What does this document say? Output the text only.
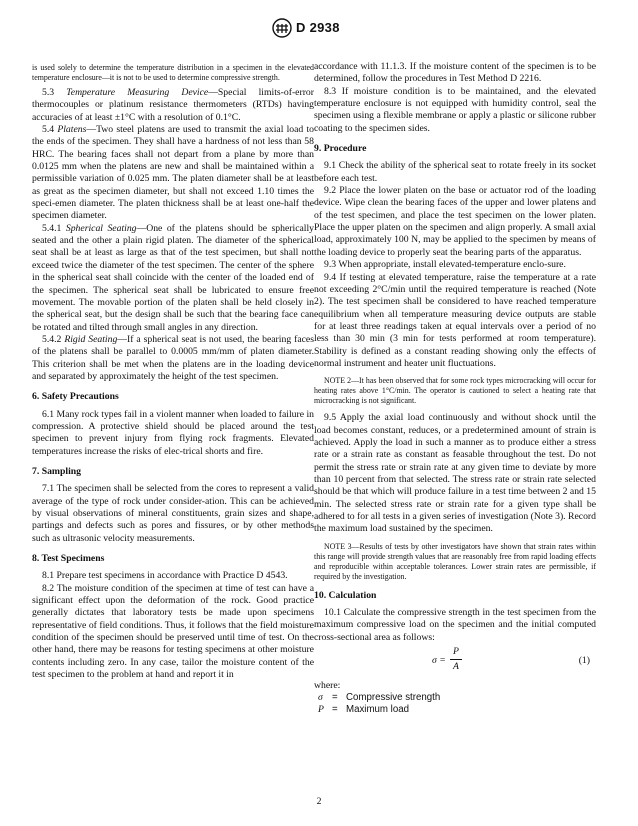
D 2938

is used solely to determine the temperature distribution in a specimen in the elevated temperature enclosure—it is not to be used to determine compressive strength.

5.3 Temperature Measuring Device—Special limits-of-error thermocouples or platinum resistance thermometers (RTDs) having accuracies of at least ±1°C with a resolution of 0.1°C.

5.4 Platens—Two steel platens are used to transmit the axial load to the ends of the specimen. They shall have a hardness of not less than 58 HRC. The bearing faces shall not depart from a plane by more than 0.0125 mm when the platens are new and shall be maintained within a permissible variation of 0.025 mm. The platen diameter shall be at least as great as the specimen diameter, but shall not exceed 1.10 times the speci-emen diameter. The platen thickness shall be at least one-half the specimen diameter.

5.4.1 Spherical Seating—One of the platens should be spherically seated and the other a plain rigid platen. The diameter of the spherical seat shall be at least as large as that of the test specimen, but shall not exceed twice the diameter of the test specimen. The center of the sphere in the spherical seat shall coincide with the center of the loaded end of the specimen. The spherical seat shall be lubricated to ensure free movement. The movable portion of the platen shall be held closely in the spherical seat, but the design shall be such that the bearing face can be rotated and tilted through small angles in any direction.

5.4.2 Rigid Seating—If a spherical seat is not used, the bearing faces of the platens shall be parallel to 0.0005 mm/mm of platen diameter. This criterion shall be met when the platens are in the loading device and separated by approximately the height of the test specimen.

6. Safety Precautions

6.1 Many rock types fail in a violent manner when loaded to failure in compression. A protective shield should be placed around the test specimen to prevent injury from flying rock fragments. Elevated temperatures increase the risks of elec-trical shorts and fire.

7. Sampling

7.1 The specimen shall be selected from the cores to represent a valid average of the type of rock under consider-ation. This can be achieved by visual observations of mineral constituents, grain sizes and shape, partings and defects such as pores and fissures, or by other methods such as ultrasonic velocity measurements.

8. Test Specimens

8.1 Prepare test specimens in accordance with Practice D 4543.

8.2 The moisture condition of the specimen at time of test can have a significant effect upon the deformation of the rock. Good practice generally dictates that laboratory tests be made upon specimens representative of field conditions. Thus, it follows that the field moisture condition of the specimen should be preserved until time of test. On the other hand, there may be reasons for testing specimens at other moisture contents including zero. In any case, tailor the moisture content of the test specimen to the problem at hand and report it in

accordance with 11.1.3. If the moisture content of the specimen is to be determined, follow the procedures in Test Method D 2216.

8.3 If moisture condition is to be maintained, and the elevated temperature enclosure is not equipped with humidity control, seal the specimen using a flexible membrane or apply a plastic or silicone rubber coating to the specimen sides.

9. Procedure

9.1 Check the ability of the spherical seat to rotate freely in its socket before each test.

9.2 Place the lower platen on the base or actuator rod of the loading device. Wipe clean the bearing faces of the upper and lower platens and of the test specimen, and place the test specimen on the lower platen. Place the upper platen on the specimen and align properly. A small axial load, approximately 100 N, may be applied to the specimen by means of the loading device to properly seat the bearing parts of the apparatus.

9.3 When appropriate, install elevated-temperature enclo-sure.

9.4 If testing at elevated temperature, raise the temperature at a rate not exceeding 2°C/min until the required temperature is reached (Note 2). The test specimen shall be considered to have reached temperature equilibrium when all temperature measuring device outputs are stable for at least three readings taken at equal intervals over a period of no less than 30 min (3 min for tests performed at room temperature). Stability is defined as a constant reading showing only the effects of normal instrument and heater unit fluctuations.

NOTE 2—It has been observed that for some rock types microcracking will occur for heating rates above 1°C/min. The operator is cautioned to select a heating rate that microcracking is not significant.

9.5 Apply the axial load continuously and without shock until the load becomes constant, reduces, or a predetermined amount of strain is achieved. Apply the load in such a manner as to produce either a stress rate or a strain rate as constant as feasable throughout the test. Do not permit the stress rate or strain rate at any given time to deviate by more than 10 percent from that selected. The stress rate or strain rate selected should be that which will produce failure in a test time between 2 and 15 min. The selected stress rate or strain rate for a given type shall be adhered to for all tests in a given series of investigation (Note 3). Record the maximum load sustained by the specimen.

NOTE 3—Results of tests by other investigators have shown that strain rates within this range will provide strength values that are reasonably free from rapid loading effects and reproducible within acceptable tolerances. Lower strain rates are permissible, if required by the investigation.

10. Calculation

10.1 Calculate the compressive strength in the test specimen from the maximum compressive load on the specimen and the initial computed cross-sectional area as follows:

σ =
P
A
(1)

where:

σ = Compressive strength
P = Maximum load
2
